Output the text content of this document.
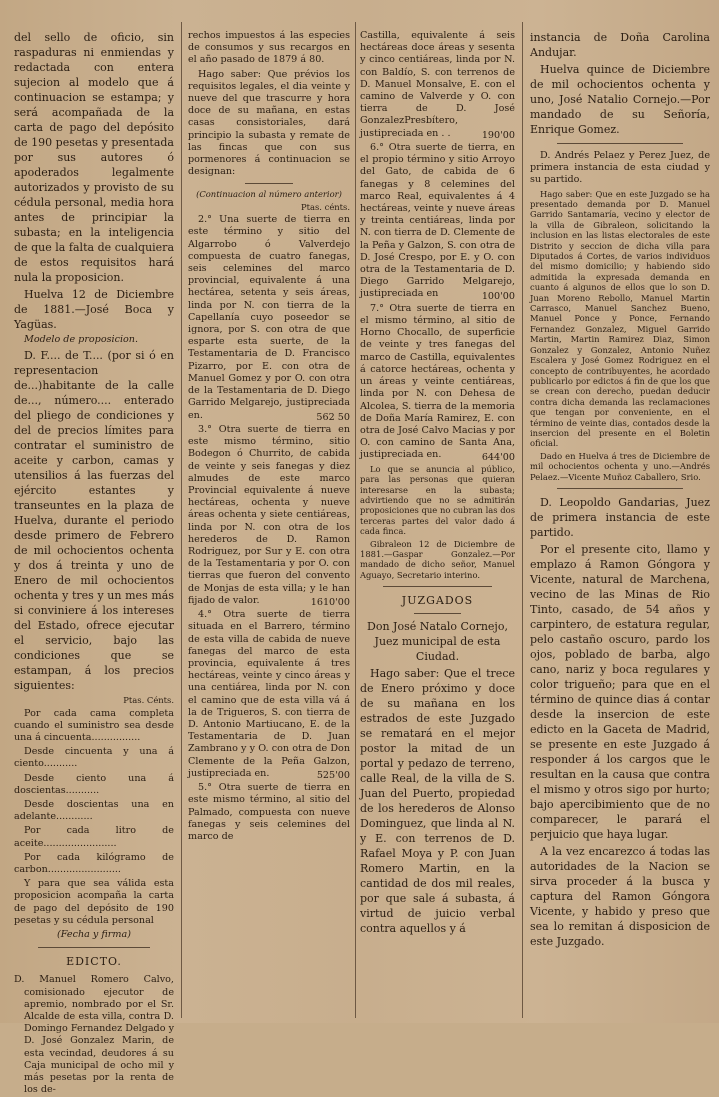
del sello de oficio, sin raspaduras ni enmiendas y redactada con entera sujecion al modelo que á continuacion se estampa; y será acompañada de la carta de pago del depósito de 190 pesetas y presentada por sus autores ó apoderados legalmente autorizados y provisto de su cédula personal, media hora antes de principiar la subasta; en la inteligencia de que la falta de cualquiera de estos requisitos hará nula la proposicion.

Huelva 12 de Diciembre de 1881.—José Boca y Yagüas.

Modelo de proposicion.

D. F.... de T.... (por si ó en representacion de...)habitante de la calle de..., número.... enterado del pliego de condiciones y del de precios límites para contratar el suministro de aceite y carbon, camas y utensilios á las fuerzas del ejército estantes y transeuntes en la plaza de Huelva, durante el periodo desde primero de Febrero de mil ochocientos ochenta y dos á treinta y uno de Enero de mil ochocientos ochenta y tres y un mes más si conviniere á los intereses del Estado, ofrece ejecutar el servicio, bajo las condiciones que se estampan, á los precios siguientes:

Ptas. Cénts.

Por cada cama completa cuando el suministro sea desde una á cincuenta................

Desde cincuenta y una á ciento...........

Desde ciento una á doscientas...........

Desde doscientas una en adelante............

Por cada litro de aceite........................

Por cada kilógramo de carbon........................

Y para que sea válida esta proposicion acompaña la carta de pago del depósito de 190 pesetas y su cédula personal

(Fecha y firma)

EDICTO.

D. Manuel Romero Calvo, comisionado ejecutor de apremio, nombrado por el Sr. Alcalde de esta villa, contra D. Domingo Fernandez Delgado y D. José Gonzalez Marin, de esta vecindad, deudores á su Caja municipal de ocho mil y más pesetas por la renta de los de-

rechos impuestos á las especies de consumos y sus recargos en el año pasado de 1879 á 80.

Hago saber: Que prévios los requisitos legales, el dia veinte y nueve del que trascurre y hora doce de su mañana, en estas casas consistoriales, dará principio la subasta y remate de las fincas que con sus pormenores á continuacion se designan:

(Continuacion al número anterior)

Ptas. cénts.

2.° Una suerte de tierra en este término y sitio del Algarrobo ó Valverdejo compuesta de cuatro fanegas, seis celemines del marco provincial, equivalente á una hectárea, setenta y seis áreas, linda por N. con tierra de la Capellanía cuyo poseedor se ignora, por S. con otra de que esparte esta suerte, de la Testamentaria de D. Francisco Pizarro, por E. con otra de Manuel Gomez y por O. con otra de la Testamentaria de D. Diego Garrido Melgarejo, justipreciada en.	562 50

3.° Otra suerte de tierra en este mismo término, sitio Bodegon ó Churrito, de cabida de veinte y seis fanegas y diez almudes de este marco Provincial equivalente á nueve hectáreas, ochenta y nueve áreas ochenta y siete centiáreas, linda por N. con otra de los herederos de D. Ramon Rodriguez, por Sur y E. con otra de la Testamentaria y por O. con tierras que fueron del convento de Monjas de esta villa; y le han fijado de valor.	1610'00

4.° Otra suerte de tierra situada en el Barrero, término de esta villa de cabida de nueve fanegas del marco de esta provincia, equivalente á tres hectáreas, veinte y cinco áreas y una centiárea, linda por N. con el camino que de esta villa vá á la de Trigueros, S. con tierra de D. Antonio Martiucano, E. de la Testamentaria de D. Juan Zambrano y y O. con otra de Don Clemente de la Peña Galzon, justipreciada en.	525'00

5.° Otra suerte de tierra en este mismo término, al sitio del Palmado, compuesta con nueve fanegas y seis celemines del marco de

Castilla, equivalente á seis hectáreas doce áreas y sesenta y cinco centiáreas, linda por N. con Baldío, S. con terrenos de D. Manuel Monsalve, E. con el camino de Valverde y O. con tierra de D. José GonzalezPresbítero, justipreciada en . .	190'00

6.° Otra suerte de tierra, en el propio término y sitio Arroyo del Gato, de cabida de 6 fanegas y 8 celemines del marco Real, equivalentes á 4 hectáreas, veinte y nueve áreas y treinta centiáreas, linda por N. con tierra de D. Clemente de la Peña y Galzon, S. con otra de D. José Crespo, por E. y O. con otra de la Testamentaria de D. Diego Garrido Melgarejo, justipreciada en	100'00

7.° Otra suerte de tierra en el mismo término, al sitio de Horno Chocallo, de superficie de veinte y tres fanegas del marco de Castilla, equivalentes á catorce hectáreas, ochenta y un áreas y veinte centiáreas, linda por N. con Dehesa de Alcolea, S. tierra de la memoria de Doña María Ramirez, E. con otra de José Calvo Macias y por O. con camino de Santa Ana, justipreciada en.	644'00

Lo que se anuncia al público, para las personas que quieran interesarse en la subasta; advirtiendo que no se admitirán proposiciones que no cubran las dos terceras partes del valor dado á cada finca.

Gibraleon 12 de Diciembre de 1881.—Gaspar Gonzalez.—Por mandado de dicho señor, Manuel Aguayo, Secretario interino.

JUZGADOS

Don José Natalo Cornejo, Juez municipal de esta Ciudad.

Hago saber: Que el trece de Enero próximo y doce de su mañana en los estrados de este Juzgado se rematará en el mejor postor la mitad de un portal y pedazo de terreno, calle Real, de la villa de S. Juan del Puerto, propiedad de los herederos de Alonso Dominguez, que linda al N. y E. con terrenos de D. Rafael Moya y P. con Juan Romero Martin, en la cantidad de dos mil reales, por que sale á subasta, á virtud de juicio verbal contra aquellos y á

instancia de Doña Carolina Andujar.

Huelva quince de Diciembre de mil ochocientos ochenta y uno, José Natalio Cornejo.—Por mandado de su Señoría, Enrique Gomez.

D. Andrés Pelaez y Perez Juez, de primera instancia de esta ciudad y su partido.

Hago saber: Que en este Juzgado se ha presentado demanda por D. Manuel Garrido Santamaría, vecino y elector de la villa de Gibraleon, solicitando la inclusion en las listas electorales de este Distrito y seccion de dicha villa para Diputados á Cortes, de varios individuos del mismo domicilio; y habiendo sido admitida la expresada demanda en cuanto á algunos de ellos que lo son D. Juan Moreno Rebollo, Manuel Martin Carrasco, Manuel Sanchez Bueno, Manuel Ponce y Ponce, Fernando Fernandez Gonzalez, Miguel Garrido Martin, Martin Ramirez Diaz, Simon Gonzalez y Gonzalez, Antonio Nuñez Escalera y José Gomez Rodriguez en el concepto de contribuyentes, he acordado publicarlo por edictos á fin de que los que se crean con derecho, puedan deducir contra dicha demanda las reclamaciones que tengan por conveniente, en el término de veinte dias, contados desde la insercion del presente en el Boletin oficial.

Dado en Huelva á tres de Diciembre de mil ochocientos ochenta y uno.—Andrés Pelaez.—Vicente Muñoz Caballero, Srio.

D. Leopoldo Gandarias, Juez de primera instancia de este partido.

Por el presente cito, llamo y emplazo á Ramon Góngora y Vicente, natural de Marchena, vecino de las Minas de Rio Tinto, casado, de 54 años y carpintero, de estatura regular, pelo castaño oscuro, pardo los ojos, poblado de barba, algo cano, nariz y boca regulares y color trigueño; para que en el término de quince dias á contar desde la insercion de este edicto en la Gaceta de Madrid, se presente en este Juzgado á responder á los cargos que le resultan en la causa que contra el mismo y otros sigo por hurto; bajo apercibimiento que de no comparecer, le parará el perjuicio que haya lugar.

A la vez encarezco á todas las autoridades de la Nacion se sirva proceder á la busca y captura del Ramon Góngora Vicente, y habido y preso que sea lo remitan á disposicion de este Juzgado.
